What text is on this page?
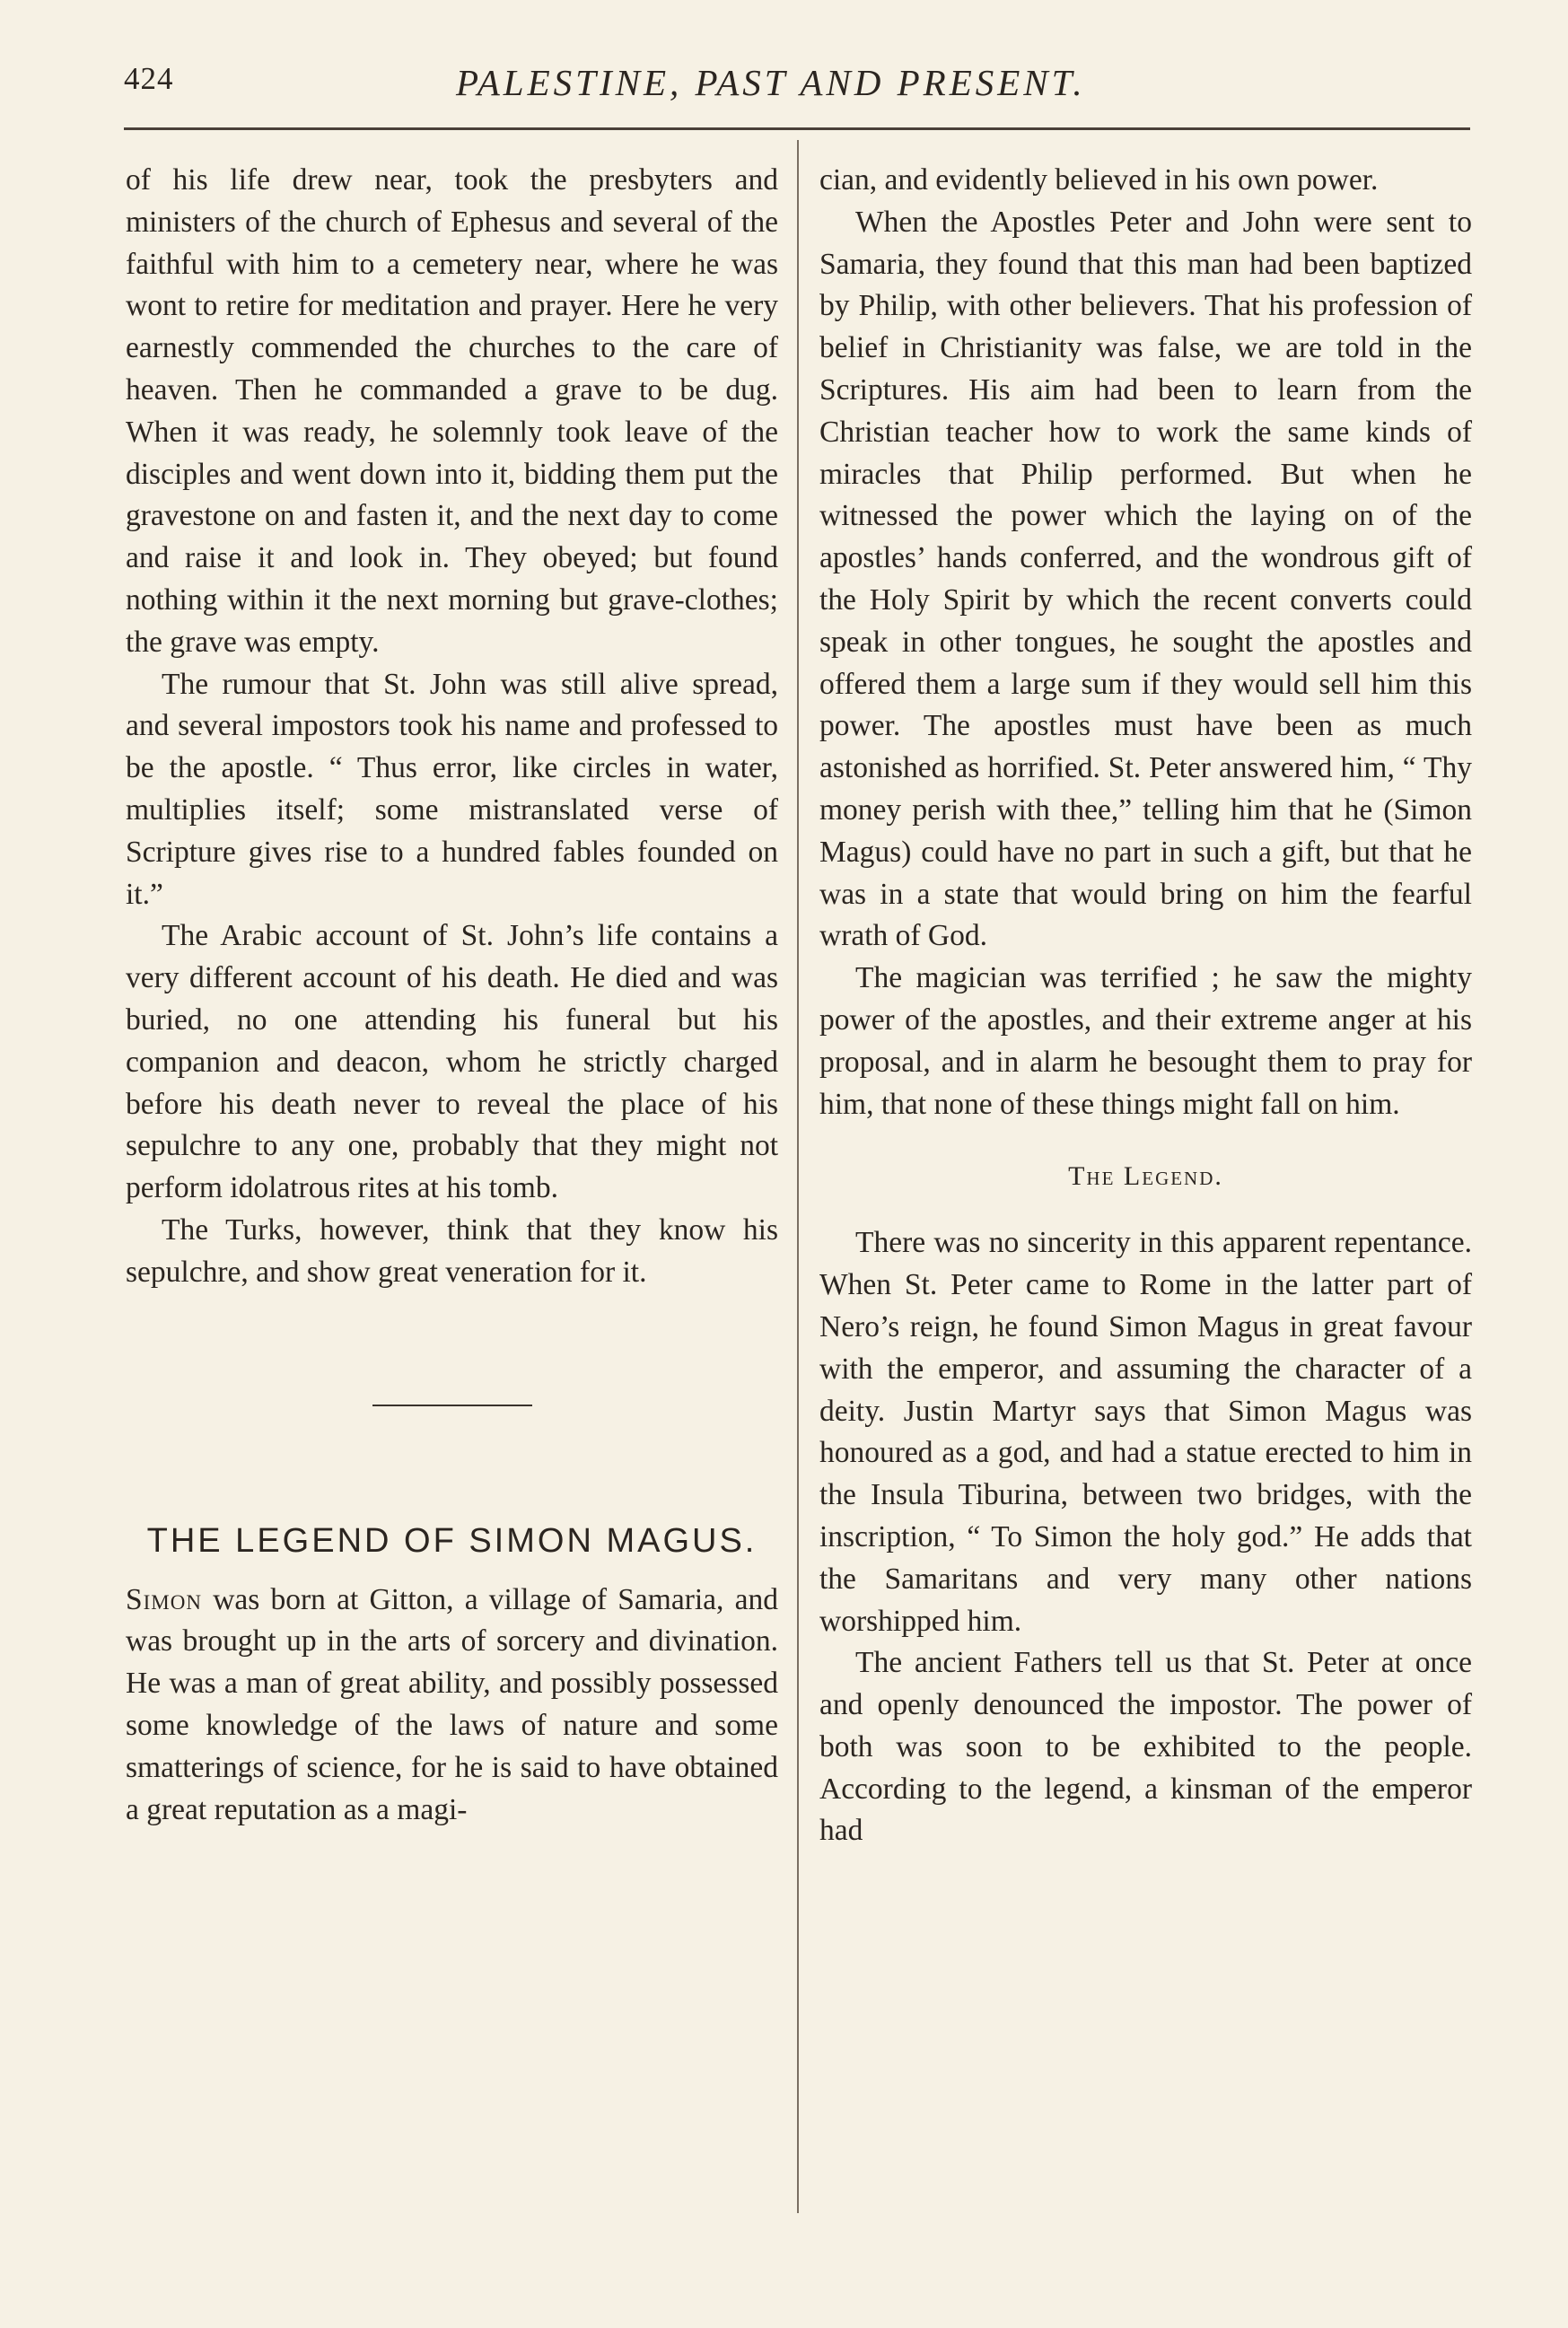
424	PALESTINE, PAST AND PRESENT.

of his life drew near, took the presbyters and ministers of the church of Ephesus and several of the faithful with him to a cemetery near, where he was wont to retire for meditation and prayer. Here he very earnestly commended the churches to the care of heaven. Then he commanded a grave to be dug. When it was ready, he solemnly took leave of the disciples and went down into it, bidding them put the gravestone on and fasten it, and the next day to come and raise it and look in. They obeyed; but found nothing within it the next morning but grave-clothes; the grave was empty.

The rumour that St. John was still alive spread, and several impostors took his name and professed to be the apostle. “ Thus error, like circles in water, multiplies itself; some mistranslated verse of Scripture gives rise to a hundred fables founded on it.”

The Arabic account of St. John’s life contains a very different account of his death. He died and was buried, no one attending his funeral but his companion and deacon, whom he strictly charged before his death never to reveal the place of his sepulchre to any one, probably that they might not perform idolatrous rites at his tomb.

The Turks, however, think that they know his sepulchre, and show great veneration for it.

THE LEGEND OF SIMON MAGUS.

Simon was born at Gitton, a village of Samaria, and was brought up in the arts of sorcery and divination. He was a man of great ability, and possibly possessed some knowledge of the laws of nature and some smatterings of science, for he is said to have obtained a great reputation as a magi-

cian, and evidently believed in his own power.

When the Apostles Peter and John were sent to Samaria, they found that this man had been baptized by Philip, with other believers. That his profession of belief in Christianity was false, we are told in the Scriptures. His aim had been to learn from the Christian teacher how to work the same kinds of miracles that Philip performed. But when he witnessed the power which the laying on of the apostles’ hands conferred, and the wondrous gift of the Holy Spirit by which the recent converts could speak in other tongues, he sought the apostles and offered them a large sum if they would sell him this power. The apostles must have been as much astonished as horrified. St. Peter answered him, “ Thy money perish with thee,” telling him that he (Simon Magus) could have no part in such a gift, but that he was in a state that would bring on him the fearful wrath of God.

The magician was terrified ; he saw the mighty power of the apostles, and their extreme anger at his proposal, and in alarm he besought them to pray for him, that none of these things might fall on him.

The Legend.

There was no sincerity in this apparent repentance. When St. Peter came to Rome in the latter part of Nero’s reign, he found Simon Magus in great favour with the emperor, and assuming the character of a deity. Justin Martyr says that Simon Magus was honoured as a god, and had a statue erected to him in the Insula Tiburina, between two bridges, with the inscription, “ To Simon the holy god.” He adds that the Samaritans and very many other nations worshipped him.

The ancient Fathers tell us that St. Peter at once and openly denounced the impostor. The power of both was soon to be exhibited to the people. According to the legend, a kinsman of the emperor had
